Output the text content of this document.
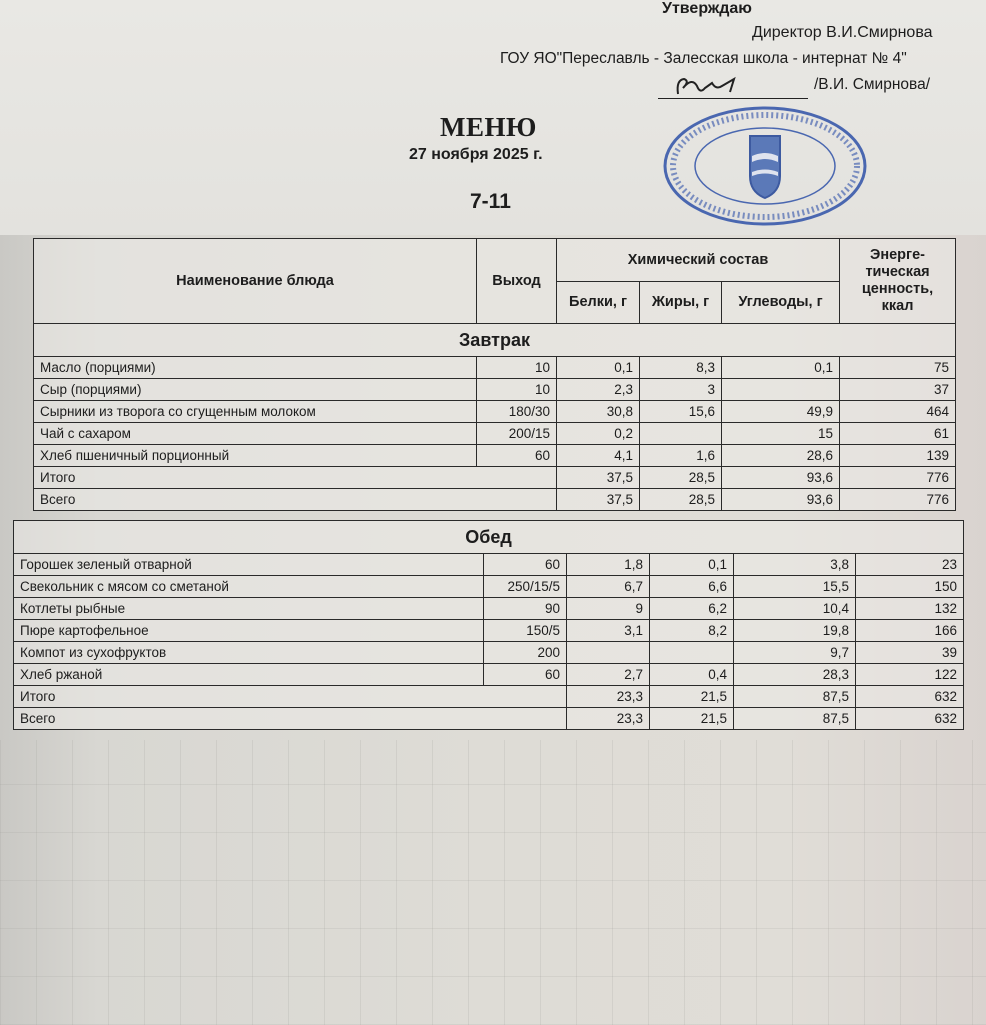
Утверждаю
Директор В.И.Смирнова
ГОУ ЯО"Переславль - Залесская школа - интернат № 4"
/В.И. Смирнова/
МЕНЮ
27 ноября 2025 г.
7-11
Наименование блюда	Выход	Химический состав			Энерге-тическая ценность, ккал
		Белки, г	Жиры, г	Углеводы, г	
Завтрак					
Масло (порциями)	10	0,1	8,3	0,1	75
Сыр (порциями)	10	2,3	3		37
Сырники из творога со сгущенным молоком	180/30	30,8	15,6	49,9	464
Чай с сахаром	200/15	0,2		15	61
Хлеб пшеничный порционный	60	4,1	1,6	28,6	139
Итого		37,5	28,5	93,6	776
Всего		37,5	28,5	93,6	776
Обед					
Горошек зеленый отварной	60	1,8	0,1	3,8	23
Свекольник с мясом со сметаной	250/15/5	6,7	6,6	15,5	150
Котлеты рыбные	90	9	6,2	10,4	132
Пюре картофельное	150/5	3,1	8,2	19,8	166
Компот из сухофруктов	200			9,7	39
Хлеб ржаной	60	2,7	0,4	28,3	122
Итого		23,3	21,5	87,5	632
Всего		23,3	21,5	87,5	632
